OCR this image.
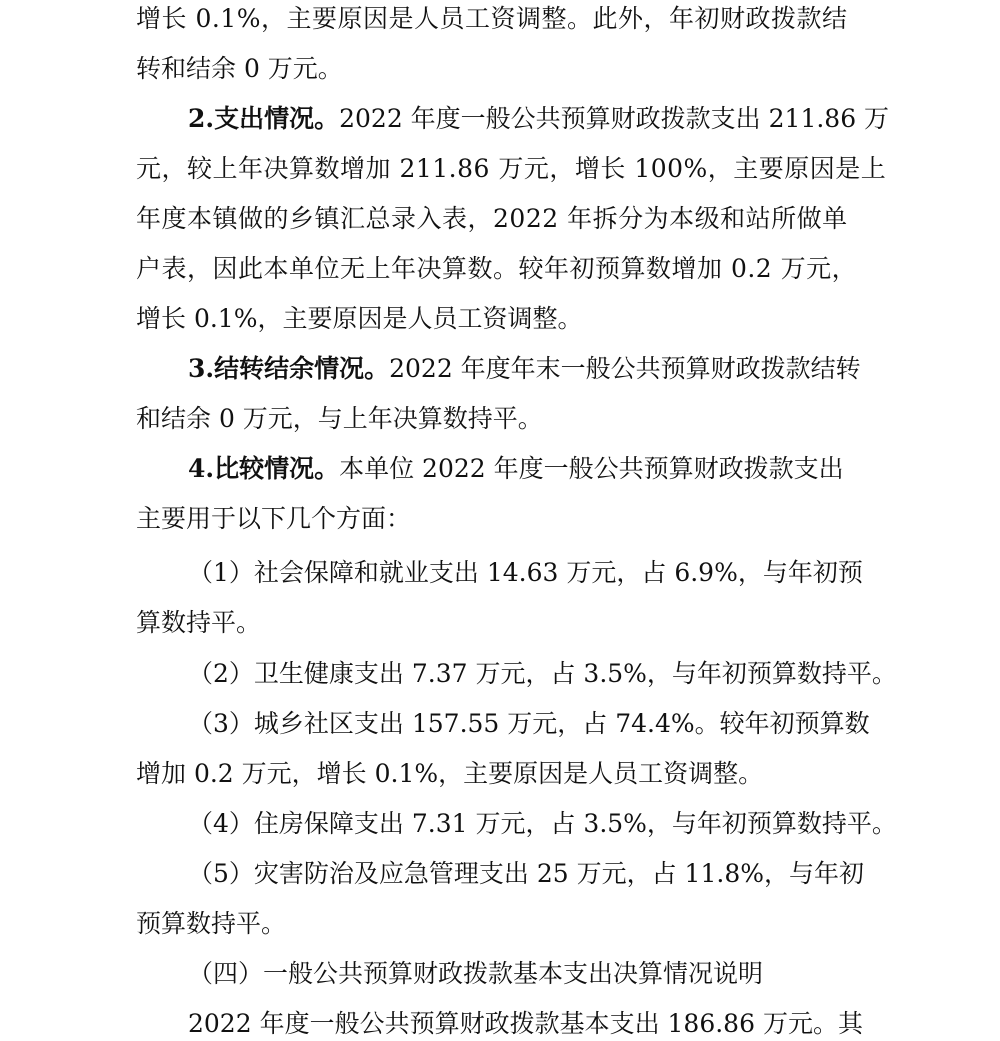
增长 0.1%，主要原因是人员工资调整。此外，年初财政拨款结
转和结余 0 万元。
2.支出情况。2022 年度一般公共预算财政拨款支出 211.86 万
元，较上年决算数增加 211.86 万元，增长 100%，主要原因是上
年度本镇做的乡镇汇总录入表，2022 年拆分为本级和站所做单
户表，因此本单位无上年决算数。较年初预算数增加 0.2 万元，
增长 0.1%，主要原因是人员工资调整。
3.结转结余情况。2022 年度年末一般公共预算财政拨款结转
和结余 0 万元，与上年决算数持平。
4.比较情况。本单位 2022 年度一般公共预算财政拨款支出
主要用于以下几个方面：
（1）社会保障和就业支出 14.63 万元，占 6.9%，与年初预
算数持平。
（2）卫生健康支出 7.37 万元，占 3.5%，与年初预算数持平。
（3）城乡社区支出 157.55 万元，占 74.4%。较年初预算数
增加 0.2 万元，增长 0.1%，主要原因是人员工资调整。
（4）住房保障支出 7.31 万元，占 3.5%，与年初预算数持平。
（5）灾害防治及应急管理支出 25 万元，占 11.8%，与年初
预算数持平。
（四）一般公共预算财政拨款基本支出决算情况说明
2022 年度一般公共预算财政拨款基本支出 186.86 万元。其
